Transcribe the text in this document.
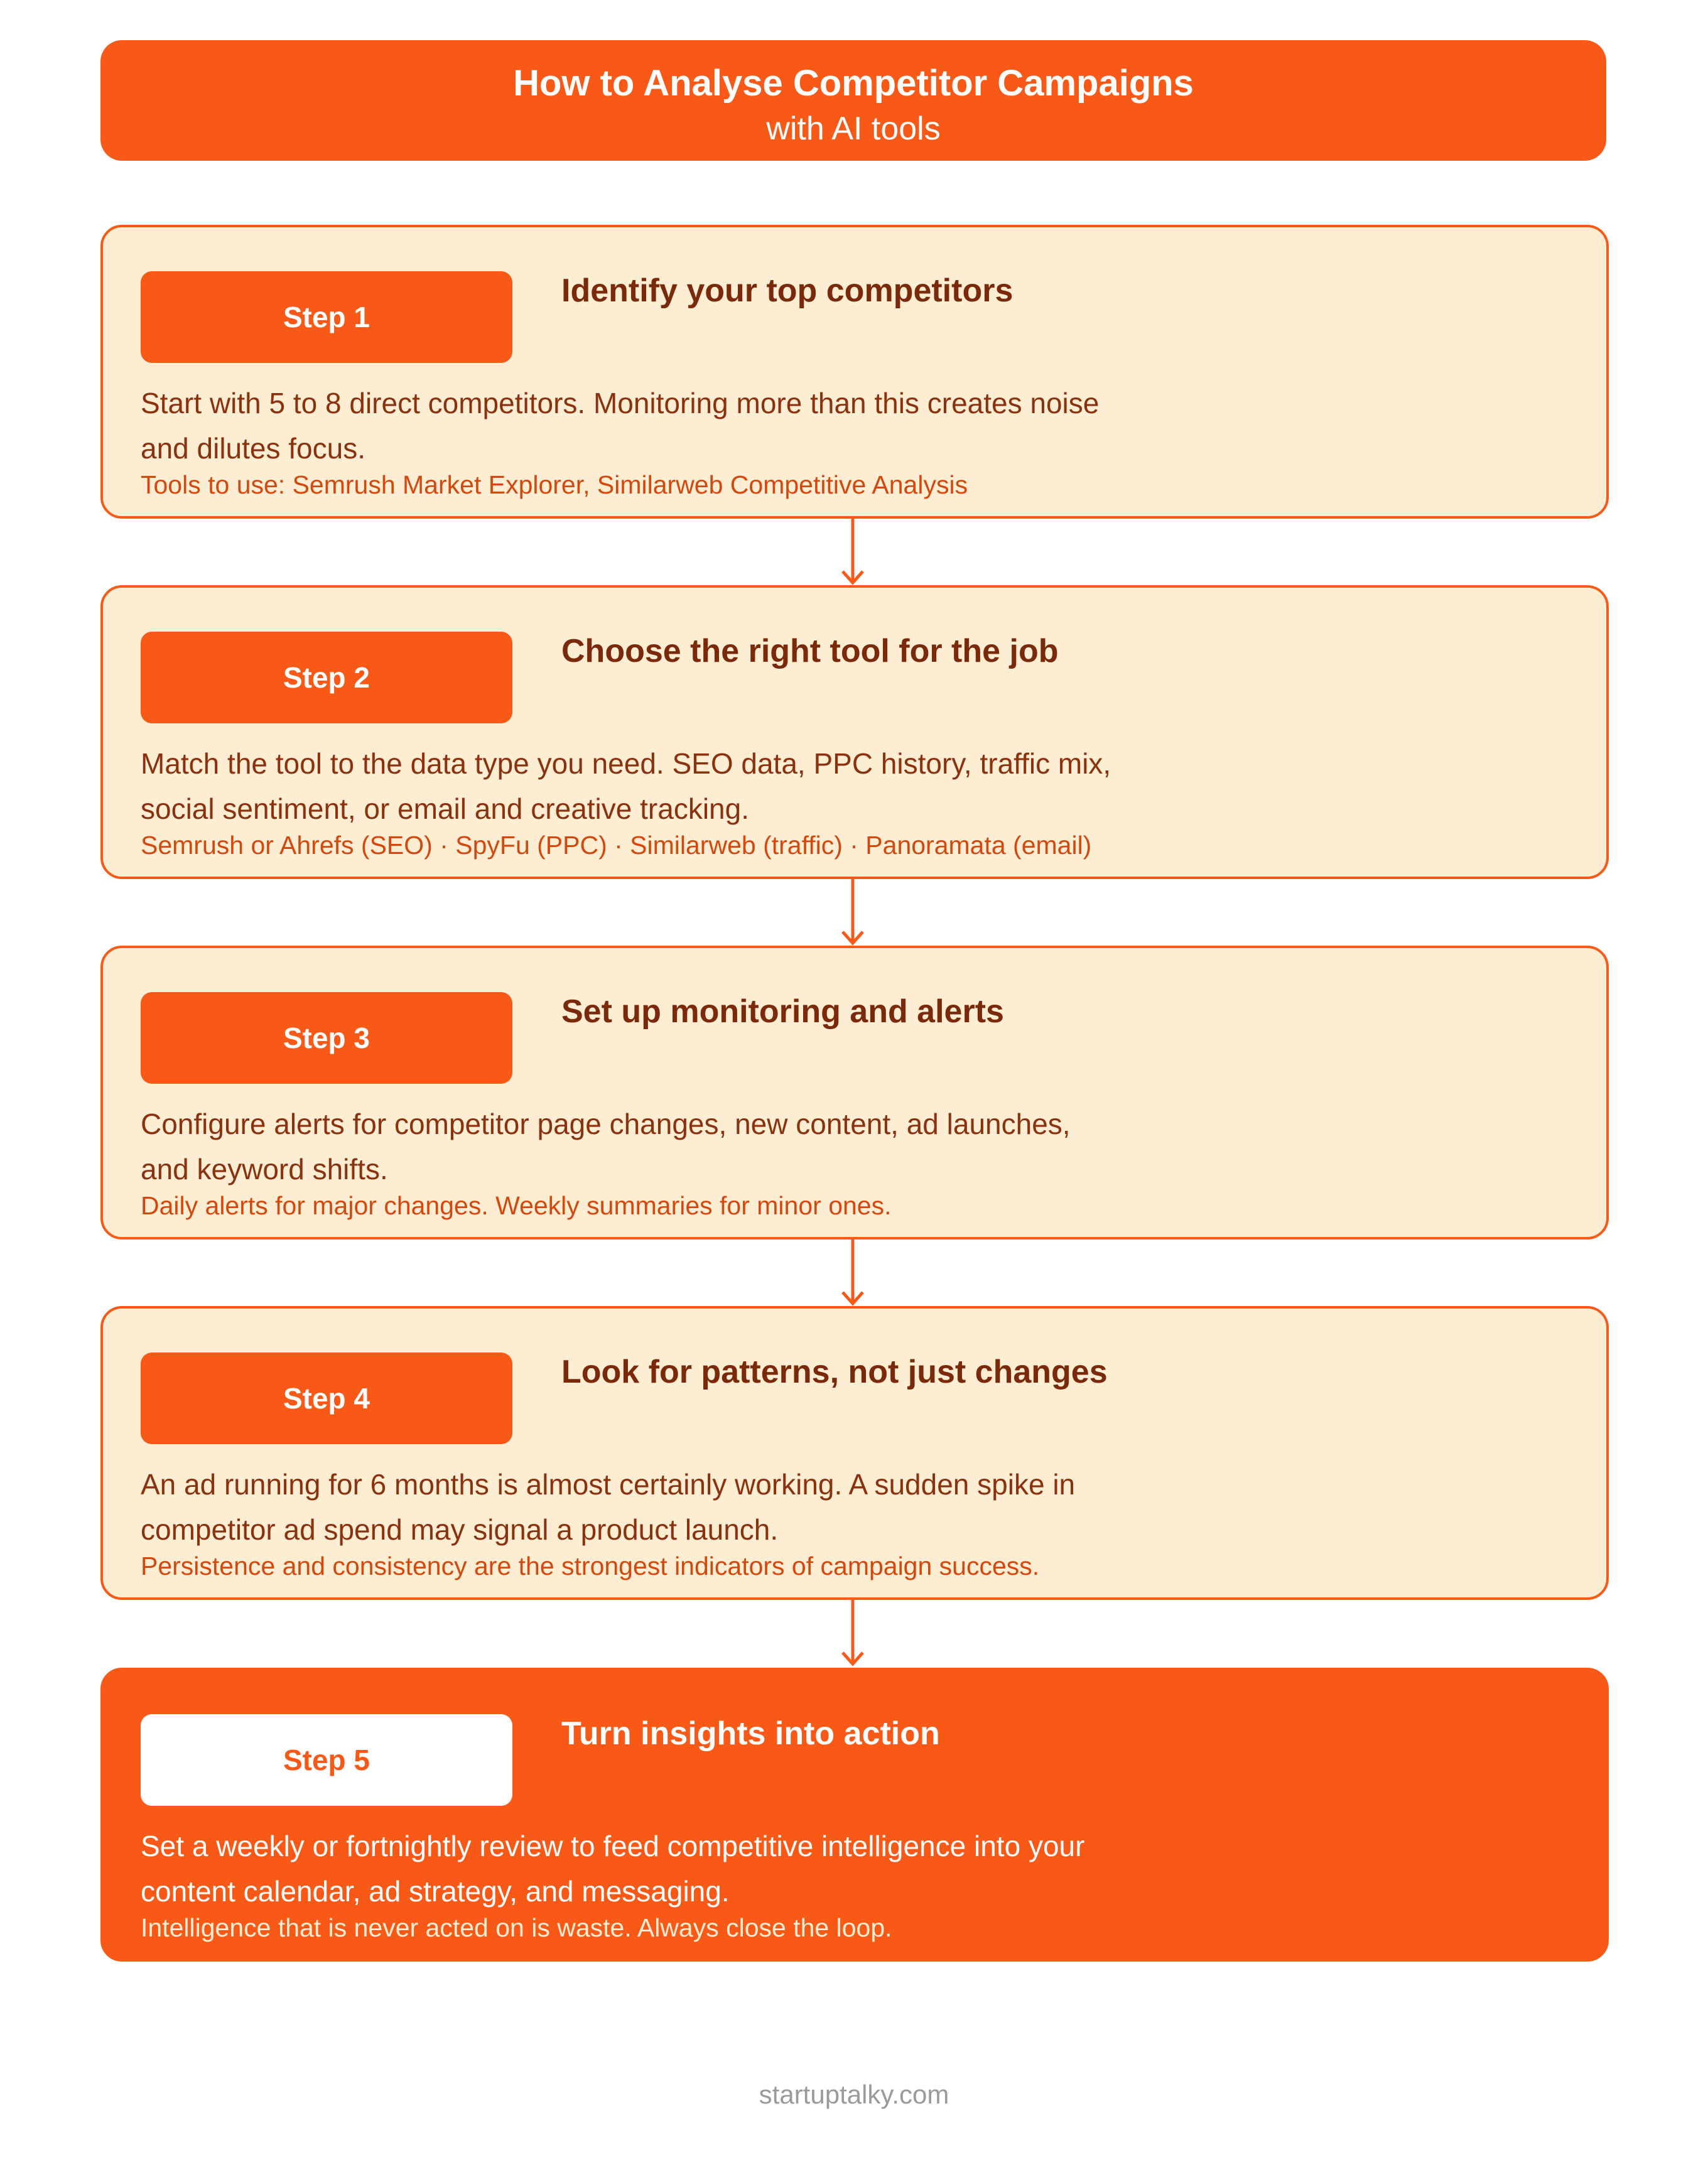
How to Analyse Competitor Campaigns
with AI tools
Step 1
Identify your top competitors
Start with 5 to 8 direct competitors. Monitoring more than this creates noise and dilutes focus.
Tools to use: Semrush Market Explorer, Similarweb Competitive Analysis
Step 2
Choose the right tool for the job
Match the tool to the data type you need. SEO data, PPC history, traffic mix, social sentiment, or email and creative tracking.
Semrush or Ahrefs (SEO) · SpyFu (PPC) · Similarweb (traffic) · Panoramata (email)
Step 3
Set up monitoring and alerts
Configure alerts for competitor page changes, new content, ad launches, and keyword shifts.
Daily alerts for major changes. Weekly summaries for minor ones.
Step 4
Look for patterns, not just changes
An ad running for 6 months is almost certainly working. A sudden spike in competitor ad spend may signal a product launch.
Persistence and consistency are the strongest indicators of campaign success.
Step 5
Turn insights into action
Set a weekly or fortnightly review to feed competitive intelligence into your content calendar, ad strategy, and messaging.
Intelligence that is never acted on is waste. Always close the loop.
startuptalky.com
